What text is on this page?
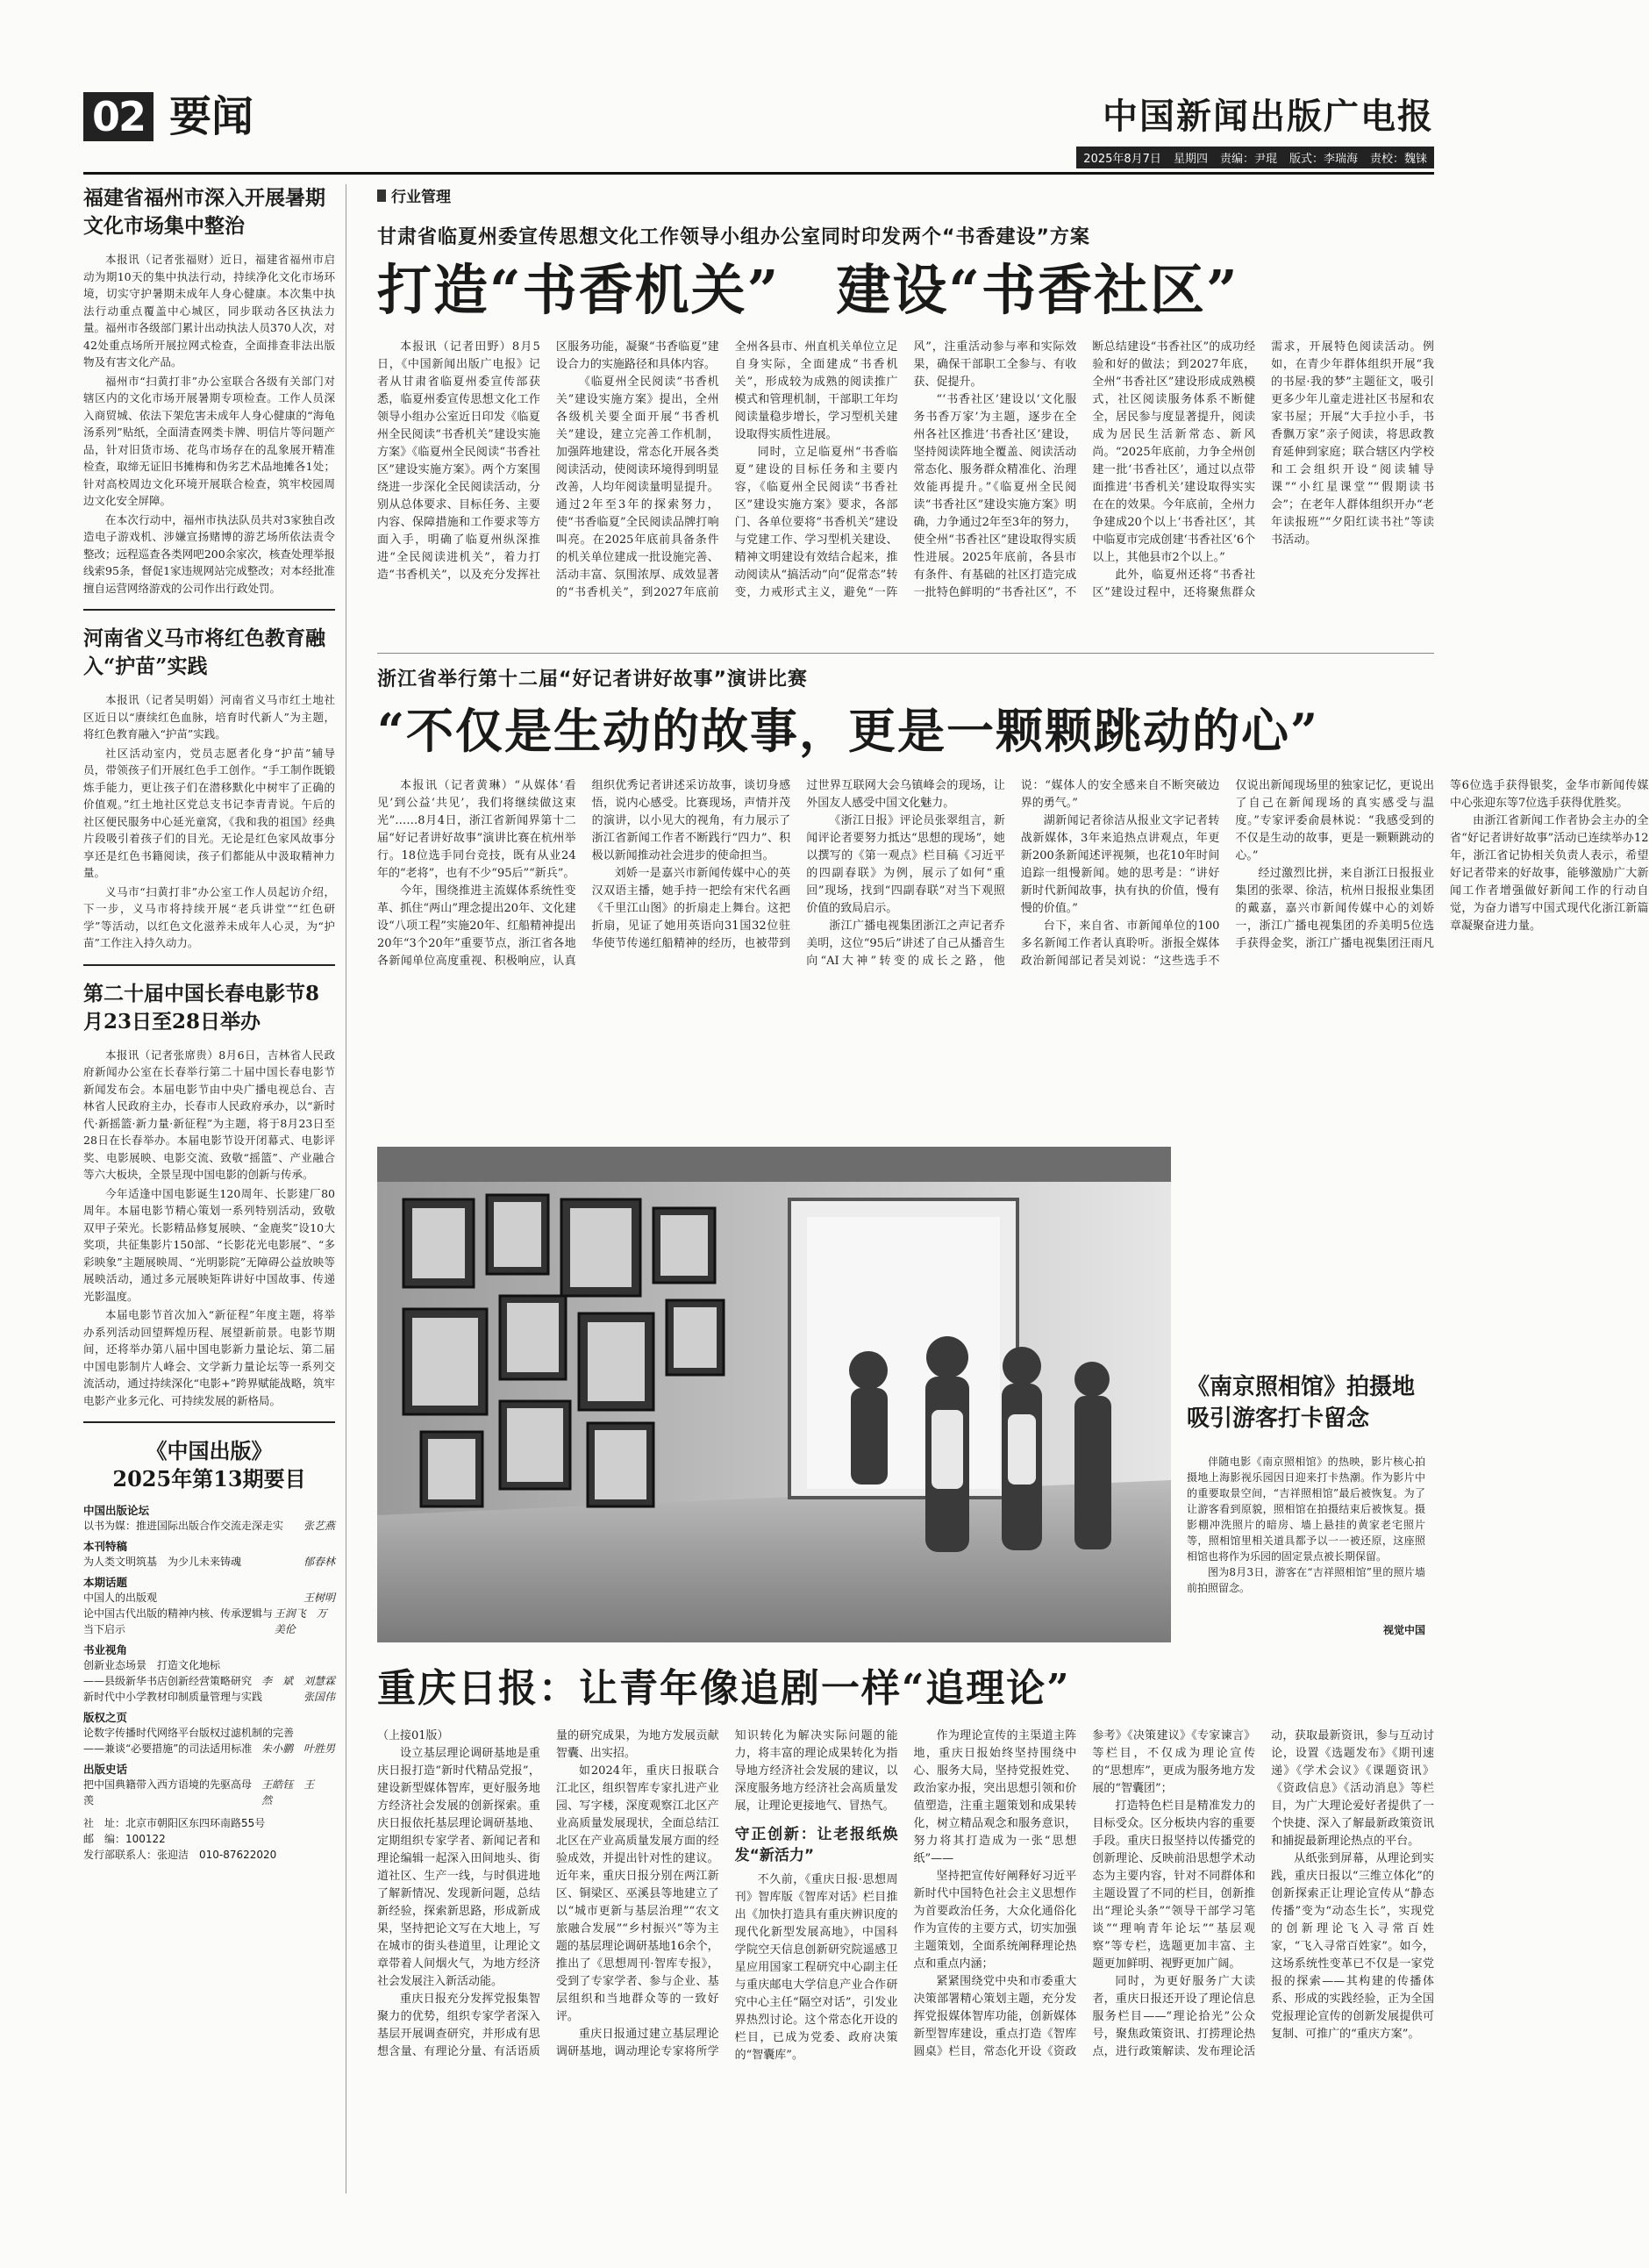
02 要闻	中国新闻出版广电报
2025年8月7日 星期四 责编：尹琨 版式：李瑞海 责校：魏铼
福建省福州市深入开展暑期文化市场集中整治

本报讯（记者张福财）近日，福建省福州市启动为期10天的集中执法行动，持续净化文化市场环境，切实守护暑期未成年人身心健康。本次集中执法行动重点覆盖中心城区，同步联动各区执法力量。福州市各级部门累计出动执法人员370人次，对42处重点场所开展拉网式检查，全面排查非法出版物及有害文化产品。

福州市“扫黄打非”办公室联合各级有关部门对辖区内的文化市场开展暑期专项检查。工作人员深入商贸城、依法下架危害未成年人身心健康的“海龟汤系列”贴纸，全面清查网类卡牌、明信片等问题产品，针对旧货市场、花鸟市场存在的乱象展开精准检查，取缔无证旧书摊梅和伪劣艺术品地摊各1处；针对高校周边文化环境开展联合检查，筑牢校园周边文化安全屏障。

在本次行动中，福州市执法队员共对3家独自改造电子游戏机、涉嫌宣扬赌博的游艺场所依法责令整改；远程巡查各类网吧200余家次，核查处理举报线索95条，督促1家违规网站完成整改；对本经批准擅自运营网络游戏的公司作出行政处罚。

河南省义马市将红色教育融入“护苗”实践

本报讯（记者吴明娟）河南省义马市红土地社区近日以“赓续红色血脉，培育时代新人”为主题，将红色教育融入“护苗”实践。

社区活动室内，党员志愿者化身“护苗”辅导员，带领孩子们开展红色手工创作。“手工制作既锻炼手能力，更让孩子们在潜移默化中树牢了正确的价值观。”红土地社区党总支书记李青青说。午后的社区便民服务中心延光童窝，《我和我的祖国》经典片段吸引着孩子们的目光。无论是红色家风故事分享还是红色书籍阅读，孩子们都能从中汲取精神力量。

义马市“扫黄打非”办公室工作人员起访介绍，下一步，义马市将持续开展“老兵讲堂”“红色研学”等活动，以红色文化滋养未成年人心灵，为“护苗”工作注入持久动力。

第二十届中国长春电影节8月23日至28日举办

本报讯（记者张席贵）8月6日，吉林省人民政府新闻办公室在长春举行第二十届中国长春电影节新闻发布会。本届电影节由中央广播电视总台、吉林省人民政府主办，长春市人民政府承办，以“新时代·新摇篮·新力量·新征程”为主题，将于8月23日至28日在长春举办。本届电影节设开闭幕式、电影评奖、电影展映、电影交流、致敬“摇篮”、产业融合等六大板块，全景呈现中国电影的创新与传承。

今年适逢中国电影诞生120周年、长影建厂80周年。本届电影节精心策划一系列特别活动，致敬双甲子荣光。长影精品修复展映、“金鹿奖”设10大奖项，共征集影片150部、“长影花光电影展”、“多彩映象”主题展映周、“光明影院”无障碍公益放映等展映活动，通过多元展映矩阵讲好中国故事、传递光影温度。

本届电影节首次加入“新征程”年度主题，将举办系列活动回望辉煌历程、展望新前景。电影节期间，还将举办第八届中国电影新力量论坛、第二届中国电影制片人峰会、文学新力量论坛等一系列交流活动，通过持续深化“电影+”跨界赋能战略，筑牢电影产业多元化、可持续发展的新格局。

《中国出版》
2025年第13期要目
中国出版论坛
以书为媒：推进国际出版合作交流走深走实 张艺燕
本刊特稿
为人类文明筑基　为少儿未来铸魂	郁春林
本期话题
中国人的出版观	王树明
论中国古代出版的精神内核、传承逻辑与当下启示
王润飞　万美伦
书业视角
创新业态场景　打造文化地标
——县级新华书店创新经营策略研究 李　斌　刘慧霖
新时代中小学教材印制质量管理与实践	张国伟
版权之页
论数字传播时代网络平台版权过滤机制的完善
——兼谈“必要措施”的司法适用标准 朱小鹏　叶胜男
出版史话
把中国典籍带入西方语境的先驱高母羡
王皓钰　王　然
社　址：北京市朝阳区东四环南路55号
邮　编：100122
发行部联系人：张迎洁　010-87622020
行业管理
甘肃省临夏州委宣传思想文化工作领导小组办公室同时印发两个“书香建设”方案
打造“书香机关”　建设“书香社区”

本报讯（记者田野）8月5日，《中国新闻出版广电报》记者从甘肃省临夏州委宣传部获悉，临夏州委宣传思想文化工作领导小组办公室近日印发《临夏州全民阅读“书香机关”建设实施方案》《临夏州全民阅读“书香社区”建设实施方案》。两个方案围绕进一步深化全民阅读活动，分别从总体要求、目标任务、主要内容、保障措施和工作要求等方面入手，明确了临夏州纵深推进“全民阅读进机关”，着力打造“书香机关”，以及充分发挥社区服务功能，凝聚“书香临夏”建设合力的实施路径和具体内容。

《临夏州全民阅读“书香机关”建设实施方案》提出，全州各级机关要全面开展“书香机关”建设，建立完善工作机制，加强阵地建设，常态化开展各类阅读活动，使阅读环境得到明显改善，人均年阅读量明显提升。通过2年至3年的探索努力，使“书香临夏”全民阅读品牌打响叫亮。在2025年底前具备条件的机关单位建成一批设施完善、活动丰富、氛围浓厚、成效显著的“书香机关”，到2027年底前全州各县市、州直机关单位立足自身实际，全面建成“书香机关”，形成较为成熟的阅读推广模式和管理机制，干部职工年均阅读量稳步增长，学习型机关建设取得实质性进展。

同时，立足临夏州“书香临夏”建设的目标任务和主要内容，《临夏州全民阅读“书香社区”建设实施方案》要求，各部门、各单位要将“书香机关”建设与党建工作、学习型机关建设、精神文明建设有效结合起来，推动阅读从“搞活动”向“促常态”转变，力戒形式主义，避免“一阵风”，注重活动参与率和实际效果，确保干部职工全参与、有收获、促提升。

“‘书香社区’建设以‘文化服务书香万家’为主题，逐步在全州各社区推进‘书香社区’建设，坚持阅读阵地全覆盖、阅读活动常态化、服务群众精准化、治理效能再提升。”《临夏州全民阅读“书香社区”建设实施方案》明确，力争通过2年至3年的努力，使全州“书香社区”建设取得实质性进展。2025年底前，各县市有条件、有基础的社区打造完成一批特色鲜明的“书香社区”，不断总结建设“书香社区”的成功经验和好的做法；到2027年底，全州“书香社区”建设形成成熟模式，社区阅读服务体系不断健全，居民参与度显著提升，阅读成为居民生活新常态、新风尚。“2025年底前，力争全州创建一批‘书香社区’，通过以点带面推进‘书香机关’建设取得实实在在的效果。今年底前，全州力争建成20个以上‘书香社区’，其中临夏市完成创建‘书香社区’6个以上，其他县市2个以上。”

此外，临夏州还将“书香社区”建设过程中，还将聚焦群众需求，开展特色阅读活动。例如，在青少年群体组织开展“我的书屋·我的梦”主题征文，吸引更多少年儿童走进社区书屋和农家书屋；开展“大手拉小手，书香飘万家”亲子阅读，将思政教育延伸到家庭；联合辖区内学校和工会组织开设“阅读辅导课”“小红星课堂”“假期读书会”；在老年人群体组织开办“老年读报班”“夕阳红读书社”等读书活动。

浙江省举行第十二届“好记者讲好故事”演讲比赛
“不仅是生动的故事，更是一颗颗跳动的心”

本报讯（记者黄琳）“从媒体‘看见’到公益‘共见’，我们将继续做这束光”……8月4日，浙江省新闻界第十二届“好记者讲好故事”演讲比赛在杭州举行。18位选手同台竞技，既有从业24年的“老将”，也有不少“95后”“新兵”。

今年，围绕推进主流媒体系统性变革、抓住“两山”理念提出20年、文化建设“八项工程”实施20年、红船精神提出20年“3个20年”重要节点，浙江省各地各新闻单位高度重视、积极响应，认真组织优秀记者讲述采访故事，谈切身感悟，说内心感受。比赛现场，声情并茂的演讲，以小见大的视角，有力展示了浙江省新闻工作者不断践行“四力”、积极以新闻推动社会进步的使命担当。

刘娇一是嘉兴市新闻传媒中心的英汉双语主播，她手持一把绘有宋代名画《千里江山图》的折扇走上舞台。这把折扇，见证了她用英语向31国32位驻华使节传递红船精神的经历，也被带到过世界互联网大会乌镇峰会的现场，让外国友人感受中国文化魅力。

《浙江日报》评论员张翠组言，新闻评论者要努力抵达“思想的现场”，她以撰写的《第一观点》栏目稿《习近平的四副春联》为例，展示了如何“重回”现场，找到“四副春联”对当下观照价值的致局启示。

浙江广播电视集团浙江之声记者乔美明，这位“95后”讲述了自己从播音生向“AI大神”转变的成长之路，他说：“媒体人的安全感来自不断突破边界的勇气。”

湖新闻记者徐洁从报业文字记者转战新媒体，3年来追热点讲观点，年更新200条新闻述评视频，也花10年时间追踪一组慢新闻。她的思考是：“讲好新时代新闻故事，执有执的价值，慢有慢的价值。”

台下，来自省、市新闻单位的100多名新闻工作者认真聆听。浙报全媒体政治新闻部记者吴刘说：“这些选手不仅说出新闻现场里的独家记忆，更说出了自己在新闻现场的真实感受与温度。”专家评委俞晨林说：“我感受到的不仅是生动的故事，更是一颗颗跳动的心。”

经过激烈比拼，来自浙江日报报业集团的张翠、徐洁，杭州日报报业集团的戴嘉，嘉兴市新闻传媒中心的刘娇一，浙江广播电视集团的乔美明5位选手获得金奖，浙江广播电视集团汪雨凡等6位选手获得银奖，金华市新闻传媒中心张迎东等7位选手获得优胜奖。

由浙江省新闻工作者协会主办的全省“好记者讲好故事”活动已连续举办12年，浙江省记协相关负责人表示，希望好记者带来的好故事，能够激励广大新闻工作者增强做好新闻工作的行动自觉，为奋力谱写中国式现代化浙江新篇章凝聚奋进力量。

《南京照相馆》拍摄地吸引游客打卡留念

伴随电影《南京照相馆》的热映，影片核心拍摄地上海影视乐园因日迎来打卡热潮。作为影片中的重要取景空间，“吉祥照相馆”最后被恢复。为了让游客看到原貌，照相馆在拍摄结束后被恢复。摄影棚冲洗照片的暗房、墙上悬挂的黄家老宅照片等，照相馆里相关道具都予以一一被还原，这座照相馆也将作为乐园的固定景点被长期保留。

图为8月3日，游客在“吉祥照相馆”里的照片墙前拍照留念。

视觉中国
重庆日报：让青年像追剧一样“追理论”

（上接01版）

设立基层理论调研基地是重庆日报打造“新时代精品党报”，建设新型媒体智库，更好服务地方经济社会发展的创新探索。重庆日报依托基层理论调研基地、定期组织专家学者、新闻记者和理论编辑一起深入田间地头、街道社区、生产一线，与时俱进地了解新情况、发现新问题，总结新经验，探索新思路，形成新成果，坚持把论文写在大地上，写在城市的街头巷道里，让理论文章带着人间烟火气，为地方经济社会发展注入新活动能。

重庆日报充分发挥党报集智聚力的优势，组织专家学者深入基层开展调查研究，并形成有思想含量、有理论分量、有活语质量的研究成果，为地方发展贡献智囊、出实招。

如2024年，重庆日报联合江北区，组织智库专家扎进产业园、写字楼，深度观察江北区产业高质量发展现状，全面总结江北区在产业高质量发展方面的经验成效，并提出针对性的建议。近年来，重庆日报分别在两江新区、铜梁区、巫溪县等地建立了以“城市更新与基层治理”“农文旅融合发展”“乡村振兴”等为主题的基层理论调研基地16余个，推出了《思想周刊·智库专报》，受到了专家学者、参与企业、基层组织和当地群众等的一致好评。

重庆日报通过建立基层理论调研基地，调动理论专家将所学知识转化为解决实际问题的能力，将丰富的理论成果转化为指导地方经济社会发展的建议，以深度服务地方经济社会高质量发展，让理论更接地气、冒热气。

守正创新：让老报纸焕发“新活力”

不久前，《重庆日报·思想周刊》智库版《智库对话》栏目推出《加快打造具有重庆辨识度的现代化新型发展高地》，中国科学院空天信息创新研究院遥感卫星应用国家工程研究中心副主任与重庆邮电大学信息产业合作研究中心主任“隔空对话”，引发业界热烈讨论。这个常态化开设的栏目，已成为党委、政府决策的“智囊库”。

作为理论宣传的主渠道主阵地，重庆日报始终坚持围绕中心、服务大局，坚持党报姓党、政治家办报，突出思想引领和价值塑造，注重主题策划和成果转化，树立精品观念和服务意识，努力将其打造成为一张“思想纸”——

坚持把宣传好阐释好习近平新时代中国特色社会主义思想作为首要政治任务，大众化通俗化作为宣传的主要方式，切实加强主题策划，全面系统阐释理论热点和重点内涵；

紧紧围绕党中央和市委重大决策部署精心策划主题，充分发挥党报媒体智库功能，创新媒体新型智库建设，重点打造《智库圆桌》栏目，常态化开设《资政参考》《决策建议》《专家谏言》等栏目，不仅成为理论宣传的“思想库”，更成为服务地方发展的“智囊团”；

打造特色栏目是精准发力的目标受众。区分板块内容的重要手段。重庆日报坚持以传播党的创新理论、反映前沿思想学术动态为主要内容，针对不同群体和主题设置了不同的栏目，创新推出“理论头条”“领导干部学习笔谈”“理响青年论坛”“基层观察”等专栏，选题更加丰富、主题更加鲜明、视野更加广阔。

同时，为更好服务广大读者，重庆日报还开设了理论信息服务栏目——“理论拾光”公众号，聚焦政策资讯、打捞理论热点，进行政策解读、发布理论活动，获取最新资讯，参与互动讨论，设置《选题发布》《期刊速递》《学术会议》《课题资讯》《资政信息》《活动消息》等栏目，为广大理论爱好者提供了一个快捷、深入了解最新政策资讯和捕捉最新理论热点的平台。

从纸张到屏幕，从理论到实践，重庆日报以“三维立体化”的创新探索正让理论宣传从“静态传播”变为“动态生长”，实现党的创新理论飞入寻常百姓家，“飞入寻常百姓家”。如今，这场系统性变革已不仅是一家党报的探索——其构建的传播体系、形成的实践经验，正为全国党报理论宣传的创新发展提供可复制、可推广的“重庆方案”。
